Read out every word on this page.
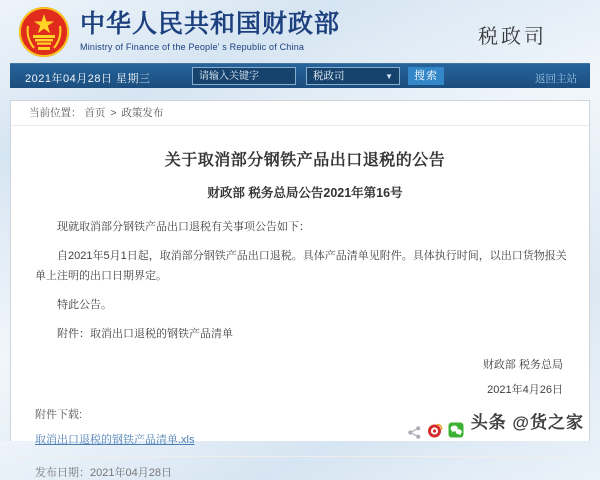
中华人民共和国财政部
Ministry of Finance of the People' s Republic of China	税政司
2021年04月28日 星期三
请输入关键字	税政司	▼	搜索	返回主站
当前位置： 首页 > 政策发布
关于取消部分钢铁产品出口退税的公告
财政部 税务总局公告2021年第16号

现就取消部分钢铁产品出口退税有关事项公告如下：

自2021年5月1日起，取消部分钢铁产品出口退税。具体产品清单见附件。具体执行时间，以出口货物报关单上注明的出口日期界定。

特此公告。

附件：取消出口退税的钢铁产品清单

财政部 税务总局
2021年4月26日
附件下载:
取消出口退税的钢铁产品清单.xls
发布日期：2021年04月28日
头条 @货之家
